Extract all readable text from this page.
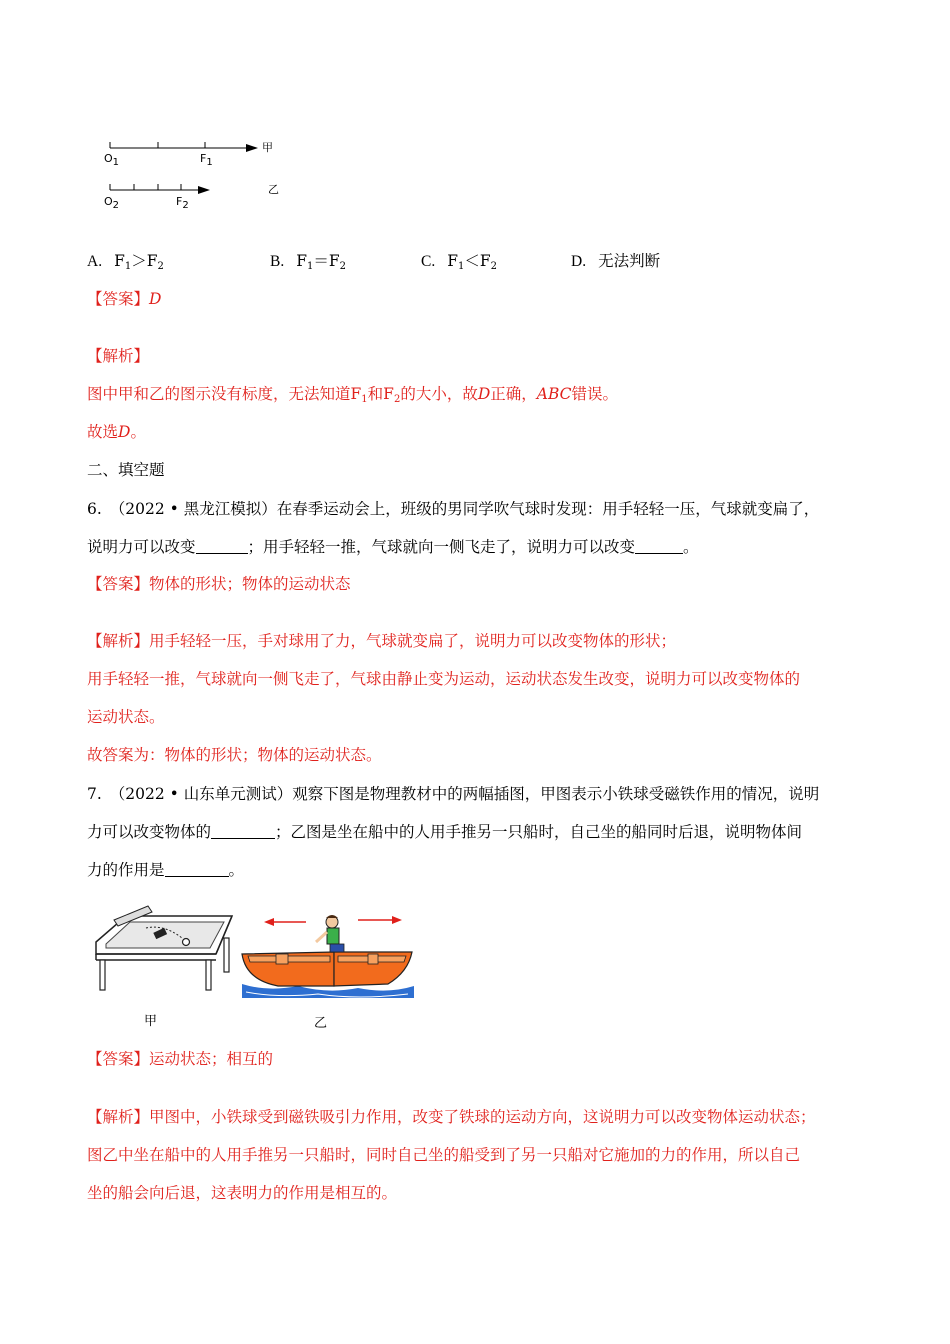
甲
乙
O1	F1
O2	F2
A. $F_1>F_2$	B. $F_1=F_2$	C. $F_1<F_2$	D. 无法判断
【答案】D
【解析】
图中甲和乙的图示没有标度，无法知道$F_1$和$F_2$的大小，故D正确，ABC错误。
故选D。
二、填空题
6. （2022 • 黑龙江模拟）在春季运动会上，班级的男同学吹气球时发现：用手轻轻一压，气球就变扁了，
说明力可以改变	；用手轻轻一推，气球就向一侧飞走了，说明力可以改变	。
【答案】物体的形状；物体的运动状态
【解析】用手轻轻一压，手对球用了力，气球就变扁了，说明力可以改变物体的形状；
用手轻轻一推，气球就向一侧飞走了，气球由静止变为运动，运动状态发生改变，说明力可以改变物体的
运动状态。
故答案为：物体的形状；物体的运动状态。
7. （2022 • 山东单元测试）观察下图是物理教材中的两幅插图，甲图表示小铁球受磁铁作用的情况，说明
力可以改变物体的	；乙图是坐在船中的人用手推另一只船时，自己坐的船同时后退，说明物体间
力的作用是	。
甲	乙
【答案】运动状态；相互的
【解析】甲图中，小铁球受到磁铁吸引力作用，改变了铁球的运动方向，这说明力可以改变物体运动状态；
图乙中坐在船中的人用手推另一只船时，同时自己坐的船受到了另一只船对它施加的力的作用，所以自己
坐的船会向后退，这表明力的作用是相互的。
